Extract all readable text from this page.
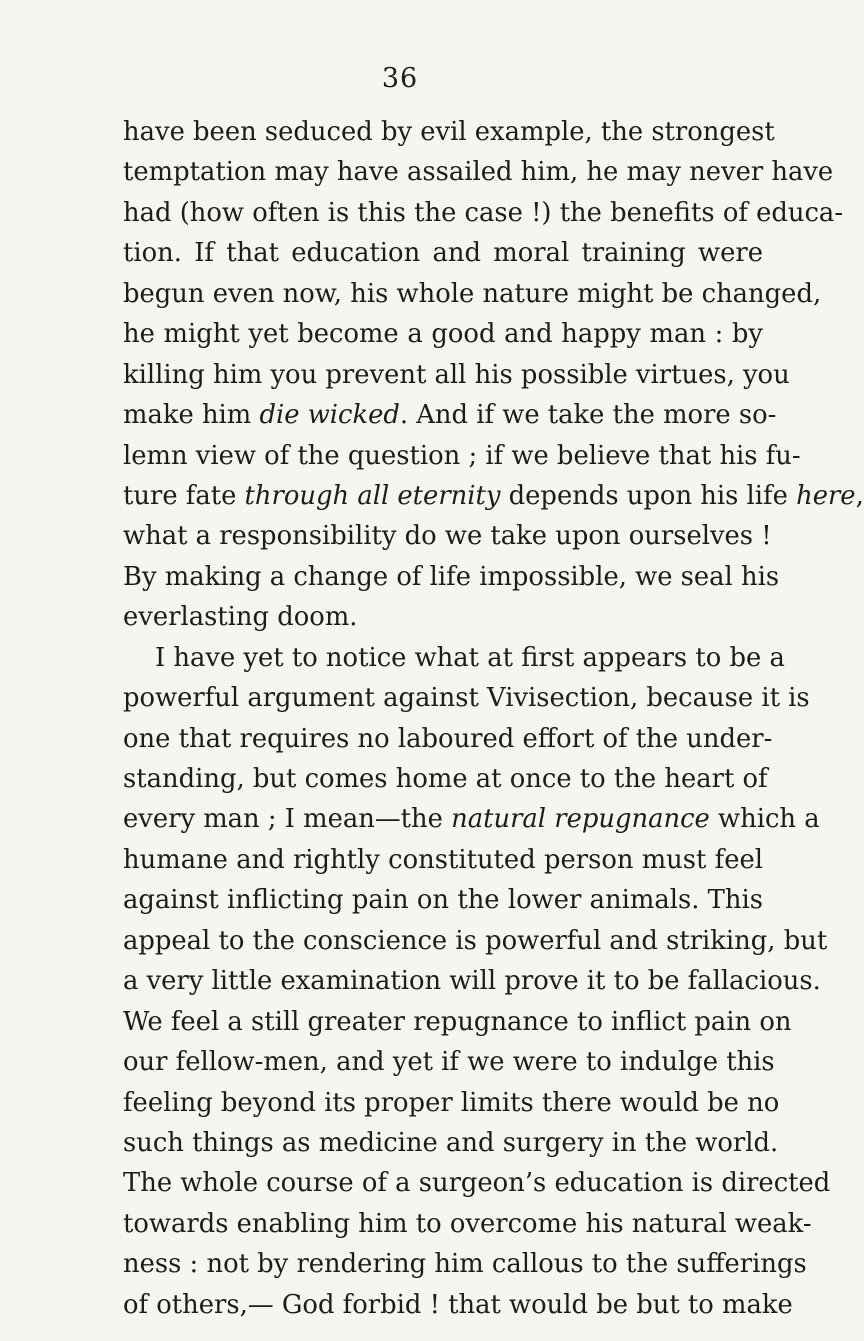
36
have been seduced by evil example, the strongest
temptation may have assailed him, he may never have
had (how often is this the case !) the benefits of educa-
tion. If that education and moral training were
begun even now, his whole nature might be changed,
he might yet become a good and happy man : by
killing him you prevent all his possible virtues, you
make him die wicked. And if we take the more so-
lemn view of the question ; if we believe that his fu-
ture fate through all eternity depends upon his life here,
what a responsibility do we take upon ourselves !
By making a change of life impossible, we seal his
everlasting doom.
I have yet to notice what at first appears to be a
powerful argument against Vivisection, because it is
one that requires no laboured effort of the under-
standing, but comes home at once to the heart of
every man ; I mean—the natural repugnance which a
humane and rightly constituted person must feel
against inflicting pain on the lower animals. This
appeal to the conscience is powerful and striking, but
a very little examination will prove it to be fallacious.
We feel a still greater repugnance to inflict pain on
our fellow-men, and yet if we were to indulge this
feeling beyond its proper limits there would be no
such things as medicine and surgery in the world.
The whole course of a surgeon’s education is directed
towards enabling him to overcome his natural weak-
ness : not by rendering him callous to the sufferings
of others,— God forbid ! that would be but to make
